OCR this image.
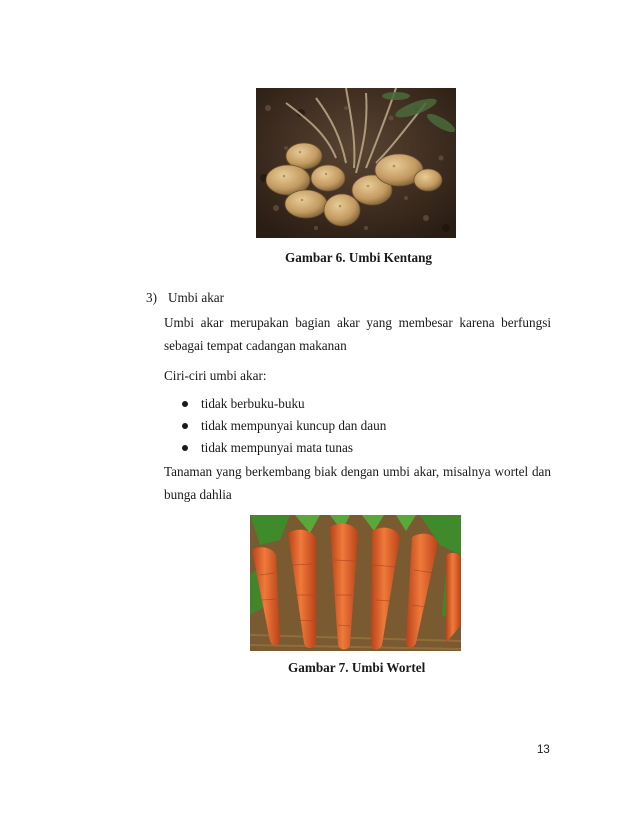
Gambar 6. Umbi Kentang
3) Umbi akar
Umbi akar merupakan bagian akar yang membesar karena berfungsi sebagai tempat cadangan makanan
Ciri-ciri umbi akar:
tidak berbuku-buku
tidak mempunyai kuncup dan daun
tidak mempunyai mata tunas
Tanaman yang berkembang biak dengan umbi akar, misalnya wortel dan bunga dahlia
Gambar 7. Umbi Wortel
13
